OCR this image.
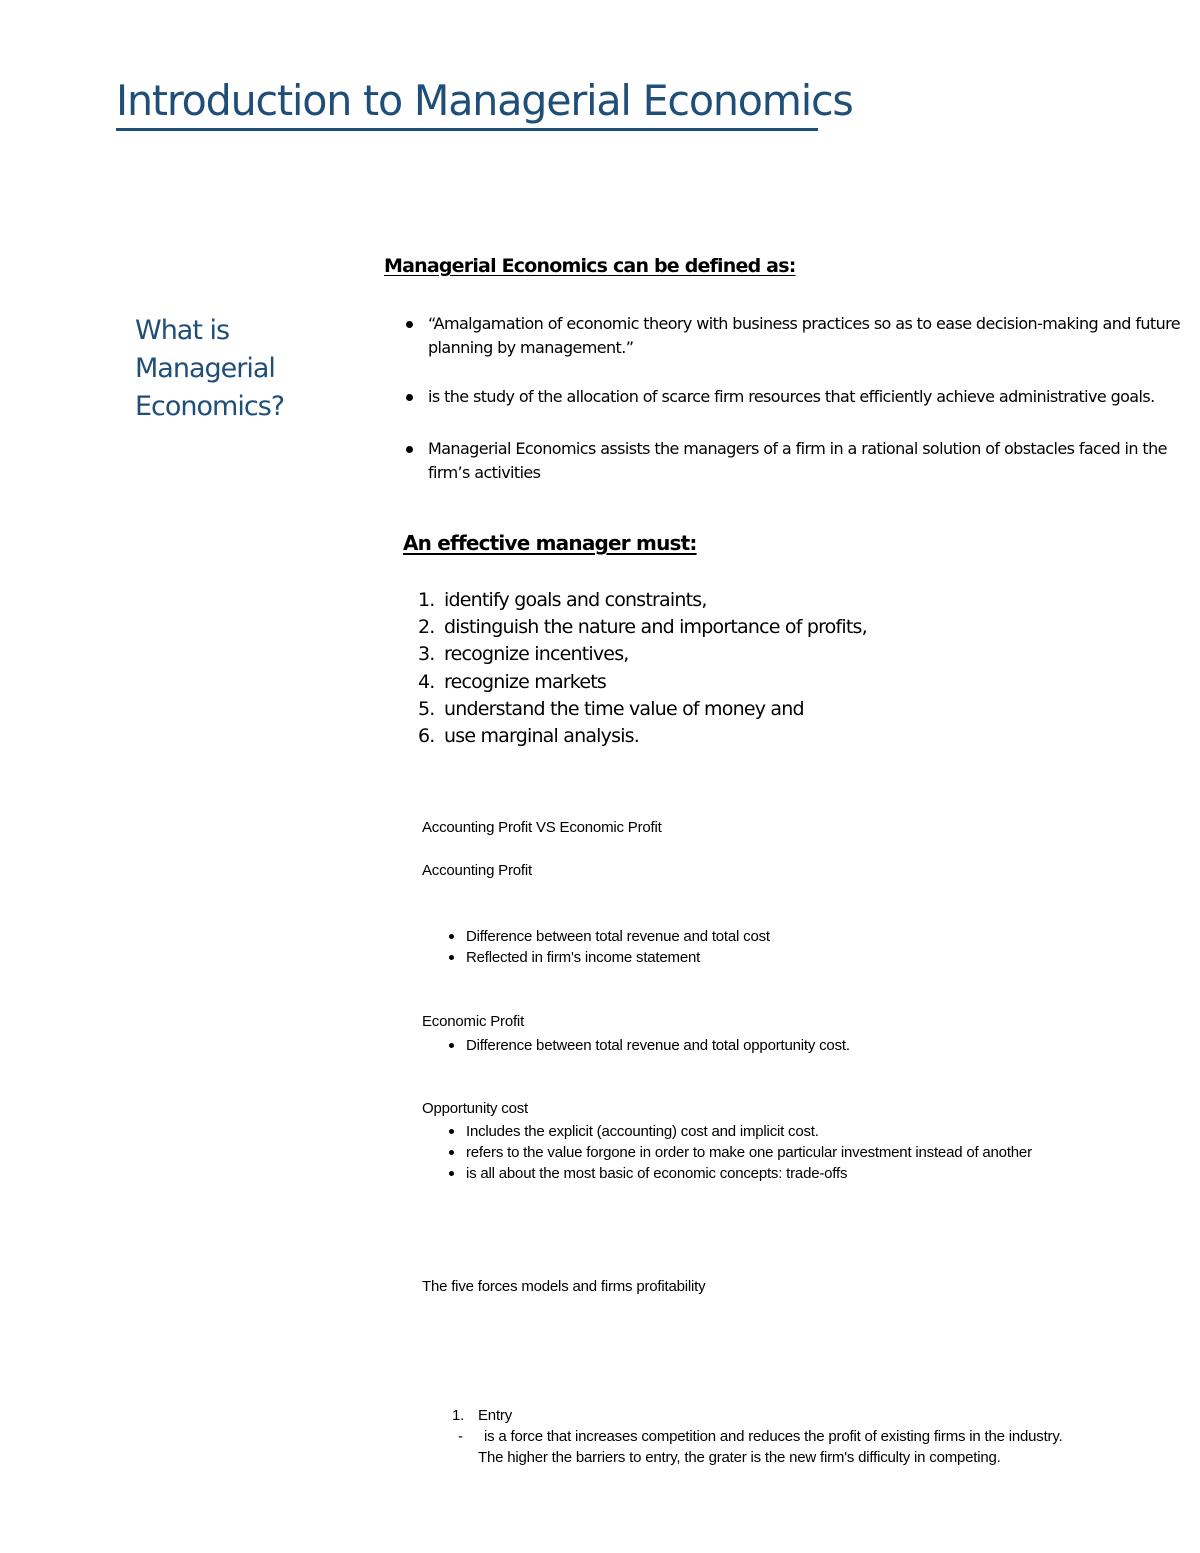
Introduction to Managerial Economics
What is
Managerial
Economics?
Managerial Economics can be defined as:
“Amalgamation of economic theory with business practices so as to ease decision-making and future planning by management.”
is the study of the allocation of scarce firm resources that efficiently achieve administrative goals.
Managerial Economics assists the managers of a firm in a rational solution of obstacles faced in the firm’s activities
An effective manager must:
1. identify goals and constraints,
2. distinguish the nature and importance of profits,
3. recognize incentives,
4. recognize markets
5. understand the time value of money and
6. use marginal analysis.
Accounting Profit VS Economic Profit
Accounting Profit
Difference between total revenue and total cost
Reflected in firm's income statement
Economic Profit
Difference between total revenue and total opportunity cost.
Opportunity cost
Includes the explicit (accounting) cost and implicit cost.
refers to the value forgone in order to make one particular investment instead of another
is all about the most basic of economic concepts: trade-offs
The five forces models and firms profitability
1. Entry
- is a force that increases competition and reduces the profit of existing firms in the industry.
The higher the barriers to entry, the grater is the new firm's difficulty in competing.
